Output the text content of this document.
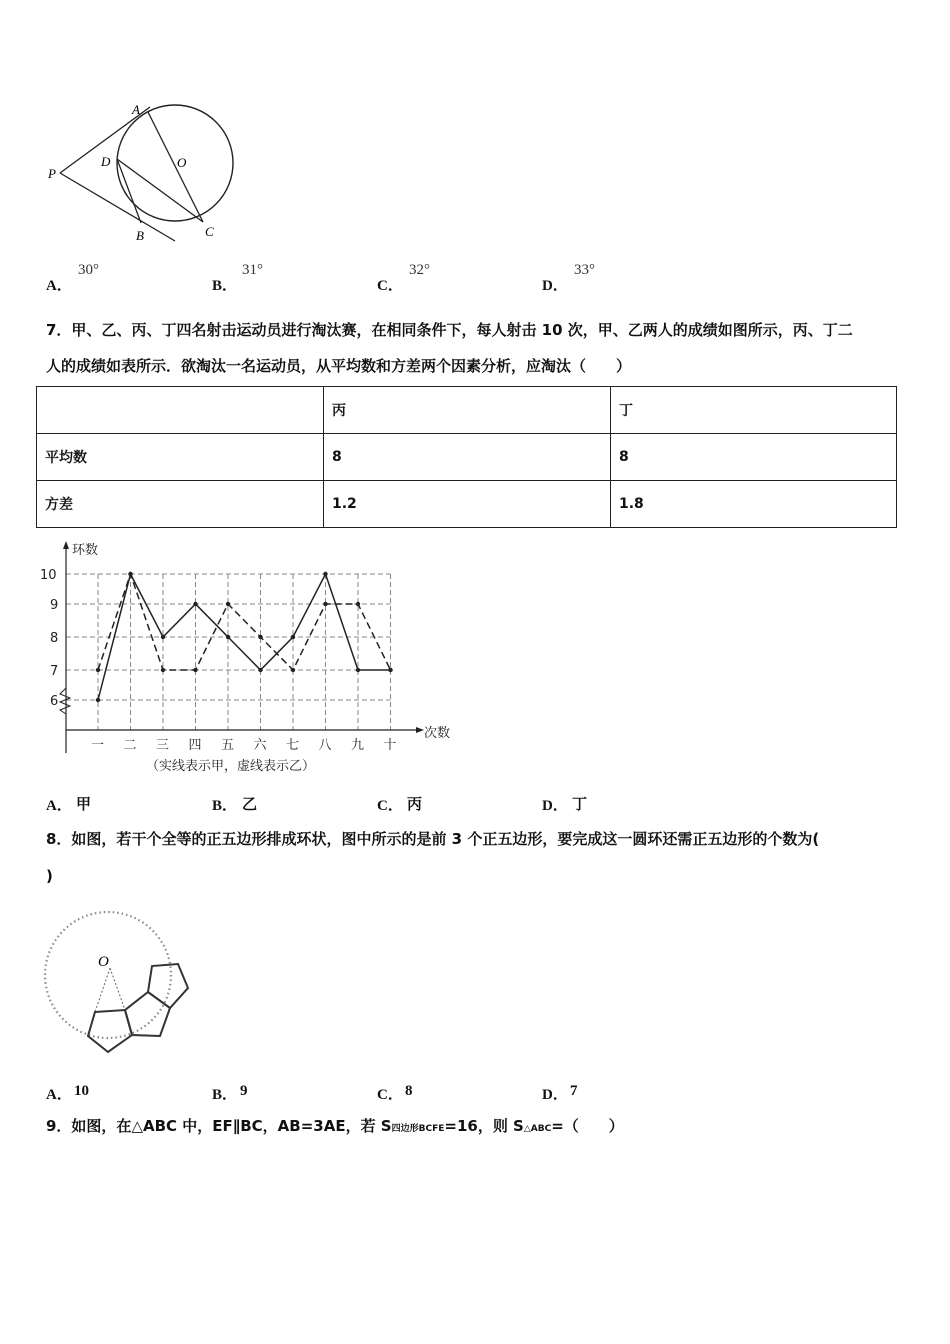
A
D	O
P
B	C
A．
30°
B．
31°
C．
32°
D．
33°
7．甲、乙、丙、丁四名射击运动员进行淘汰赛，在相同条件下，每人射击 10 次，甲、乙两人的成绩如图所示，丙、丁二
人的成绩如表所示．欲淘汰一名运动员，从平均数和方差两个因素分析，应淘汰（　　）
	丙	丁
平均数	8	8
方差	1.2	1.8
环数
次数
6
7
8
9
10
一 二 三 四 五 六 七 八 九 十
（实线表示甲，虚线表示乙）
A． 甲	B． 乙	C． 丙	D． 丁
8．如图，若干个全等的正五边形排成环状，图中所示的是前 3 个正五边形，要完成这一圆环还需正五边形的个数为(
)
O
A． 10	B． 9	C． 8	D． 7
9．如图，在△ABC 中，EF∥BC，AB=3AE，若 S四边形BCFE=16，则 S△ABC=（　　）
